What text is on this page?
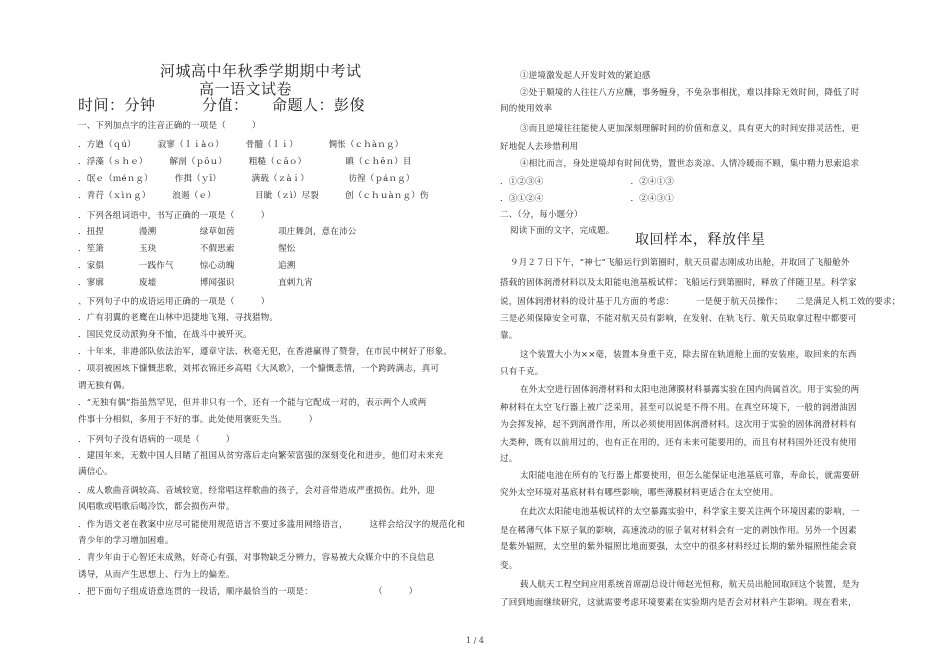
河城高中年秋季学期期中考试
高一语文试卷
时间：分钟　　　分值：　　命题人：彭俊
一、下列加点字的注音正确的一项是（　　　）
．方遒（ｑú）　　　寂寥（ｌｉàｏ）　　　骨髓（ｌｉ）　　　　惆怅（ｃｈàｎｇ）
．浮藻（ｓｈｅ）　　　解剖（ｐōｕ）　　　粗糙（ｃāｏ）　　　　　瞋（ｃｈēｎ）目
．氓ｅ（ｍéｎｇ）　　　作揖（ｙī）　　　　满载（ｚàｉ）　　　　　彷徨（ｐáｎｇ）
．青荇（ｘìｎｇ）　　　浪遏（ｅ）　　　　　目眦（ｚì）尽裂　　　创（ｃｈｕàｎｇ）伤
．下列各组词语中，书写正确的一项是（　　　）
．扭捏　　　　漫溯　　　　　绿草如茵　　　　　项庄舞剑，意在沛公
．笙箫　　　　玉玦　　　　　不假思索　　　　　惺忪
．家俱　　　　一践作气　　　惊心动魄　　　　　追溯
．寥廓　　　　废墟　　　　　博闻强识　　　　　直剌九宵
、下列句子中的成语运用正确的一项是（　　　）
．广有羽翼的老鹰在山林中迅捷地飞翔，寻找猎物。
．国民党反动派狗身不恤，在战斗中被歼灭。
．十年来，非港部队依法治军，遵章守法、秋毫无犯，在香港赢得了赞誉，在市民中树好了形象。
．项羽被困垓下慷慨悲歌，刘邦衣锦还乡高唱《大风歌》，一个慷慨悲情，一个跨踌满志，真可
谓无独有偶。
．“无独有偶”指虽然罕见，但并非只有一个，还有一个能与它配成一对的，表示两个人或两
件事十分相似，多用于不好的事。此处使用褒贬失当。　　　）
．下列句子没有语病的一项是（　　　）
．建国年来，无数中国人目睹了祖国从贫穷落后走向繁荣富强的深刻变化和进步，他们对未来充
满信心。
．成人歌曲音调较高、音域较宽，经常唱这样歌曲的孩子，会对音带造成严重损伤。此外，迎
风唱歌或唱歌后喝冷饮，都会损伤声带。
．作为语文老在教案中应尽可能使用规范语言不要过多滥用网络语言，　　　这样会给汉字的规范化和
青少年的学习增加困难。
．青少年由于心智还未成熟，好奇心有强，对事物缺乏分辨力，容易被大众媒介中的不良信息
诱导，从而产生思想上、行为上的偏差。
．把下面句子组成语意连贯的一段话，顺序最恰当的一项是：　　　　　　　　（　　　）
①逆境激发起人开发时效的紧迫感
②处于顺境的人往往八方应酬，事务缠身，不免杂事相扰，难以排除无效时间，降低了时
间的使用效率
③而且逆境往往能使人更加深刻理解时间的价值和意义，具有更大的时间安排灵活性，更
好地促人去珍惜利用
④相比而言，身处逆境却有时间优势，置世态炎凉、人情冷暖而不顾，集中精力思索追求
．①②③④　　　　　　　　　　．②④①③
．③①②④　　　　　　　　　　．②④③①
二、（分，每小题分）
阅读下面的文字，完成题。
取回样本，释放伴星
９月２７日下午，“神七”飞船运行到第圈时，航天员翟志刚成功出舱，并取回了飞船舱外
搭载的固体润滑材料以及太阳能电池基板试样；飞船运行到第圈时，释放了伴随卫星。科学家
说，固体润滑材料的设计基于几方面的考虑：　　　一是便于航天员操作；　　二是满足人机工效的要求；
三是必须保障安全可靠，不能对航天员有影响，在发射、在轨飞行、航天员取拿过程中都要可
靠。
这个装置大小为××毫，装置本身重千克，除去留在轨道舱上面的安装座，取回来的东西
只有千克。
在外太空进行固体润滑材料和太阳电池薄膜材料暴露实验在国内尚属首次。用于实验的两
种材料在太空飞行器上被广泛采用，甚至可以说是不得不用。在真空环境下，一般的润滑油因
为会挥发掉，起不到润滑作用，所以必须使用固体润滑材料。这次用于实验的固体润滑材料有
大类种，既有以前用过的，也有正在用的，还有未来可能要用的，而且有材料国外还没有使用
过。
太阳能电池在所有的飞行器上都要使用，但怎么能保证电池基底可靠，寿命长，就需要研
究外太空环境对基底材料有哪些影响，哪些薄膜材料更适合在太空使用。
在此次太阳能电池基板试样的太空暴露实验中，科学家主要关注两个环境因素的影响，一
是在稀薄气体下原子氧的影响，高速流动的原子氧对材料会有一定的剥蚀作用。另外一个因素
是紫外辐照，太空里的紫外辐照比地面要强，太空中的很多材料经过长期的紫外辐照性能会衰
变。
载人航天工程空间应用系统首席副总设计师赵光恒称，航天员出舱回取回这个装置，是为
了回到地面继续研究，这就需要考虑环境要素在实验期内是否会对材料产生影响。现在看来，
1 / 4
